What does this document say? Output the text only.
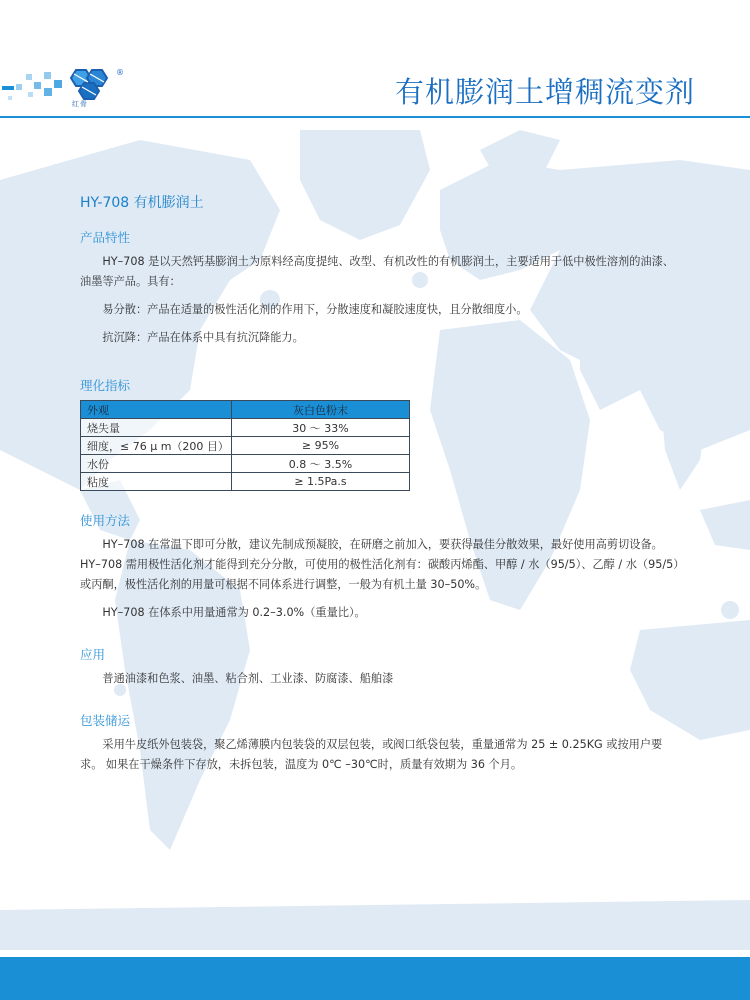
®
红骨	有机膨润土增稠流变剂
HY-708 有机膨润土
产品特性

HY–708 是以天然钙基膨润土为原料经高度提纯、改型、有机改性的有机膨润土，主要适用于低中极性溶剂的油漆、油墨等产品。具有：

易分散：产品在适量的极性活化剂的作用下，分散速度和凝胶速度快，且分散细度小。

抗沉降：产品在体系中具有抗沉降能力。

理化指标
外观	灰白色粉末
烧失量	30 ～ 33%
细度，≤ 76 μ m（200 目）	≥ 95%
水份	0.8 ～ 3.5%
粘度	≥ 1.5Pa.s
使用方法

HY–708 在常温下即可分散，建议先制成预凝胶，在研磨之前加入，要获得最佳分散效果，最好使用高剪切设备。HY–708 需用极性活化剂才能得到充分分散，可使用的极性活化剂有：碳酸丙烯酯、甲醇 / 水（95/5）、乙醇 / 水（95/5）或丙酮，极性活化剂的用量可根据不同体系进行调整，一般为有机土量 30–50%。

HY–708 在体系中用量通常为 0.2–3.0%（重量比）。

应用

普通油漆和色浆、油墨、粘合剂、工业漆、防腐漆、船舶漆

包装储运

采用牛皮纸外包装袋，聚乙烯薄膜内包装袋的双层包装，或阀口纸袋包装，重量通常为 25 ± 0.25KG 或按用户要求。 如果在干燥条件下存放，未拆包装，温度为 0℃ –30℃时，质量有效期为 36 个月。
